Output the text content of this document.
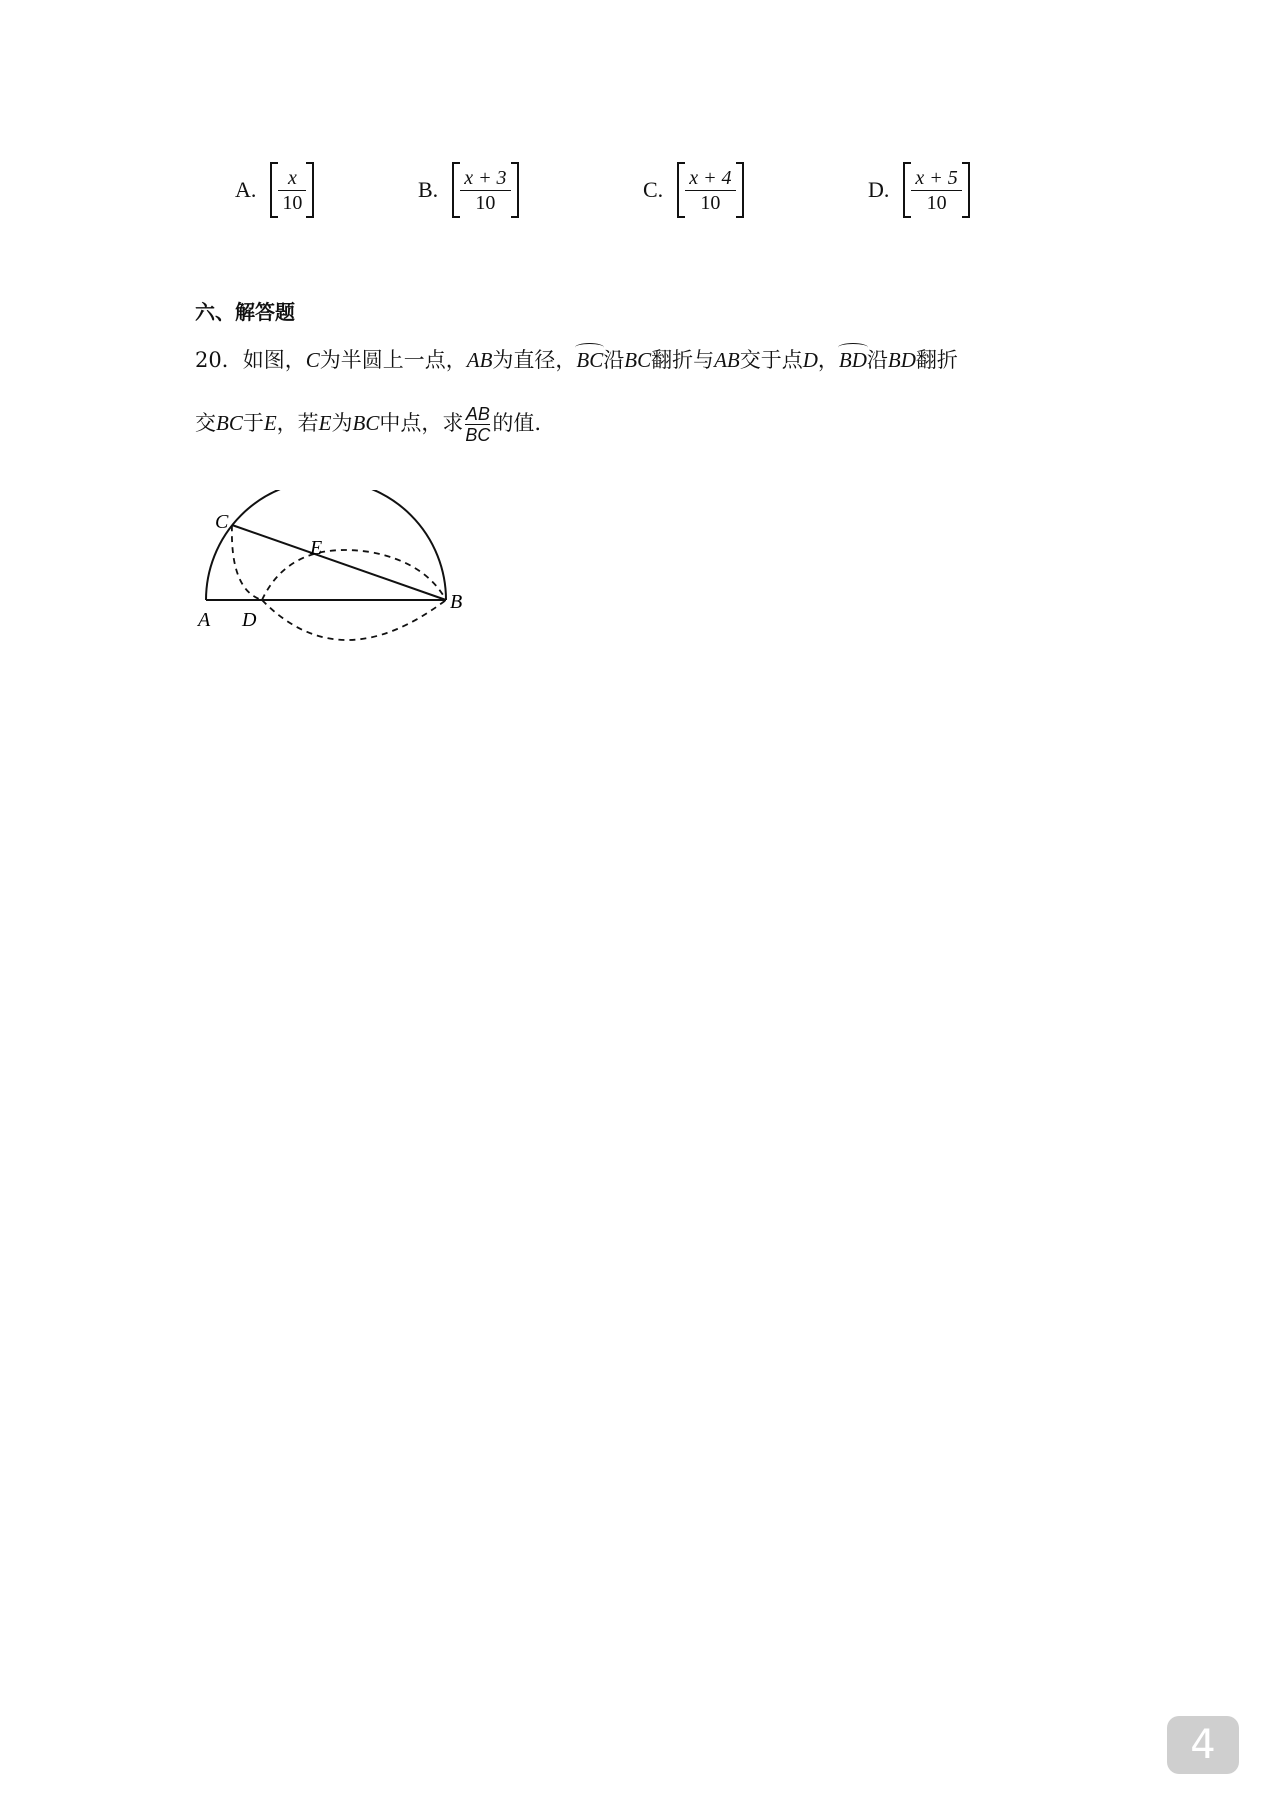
A. $\frac{x}{10}$	B. $\frac{x + 3}{10}$	C. $\frac{x + 4}{10}$	D. $\frac{x + 5}{10}$
六、解答题
20．如图，C为半圆上一点，AB为直径，BC沿BC翻折与AB交于点D，BD沿BD翻折
交BC于E，若E为BC中点，求 $\frac{AB}{BC}$ 的值.
C
E
A D
B
4
